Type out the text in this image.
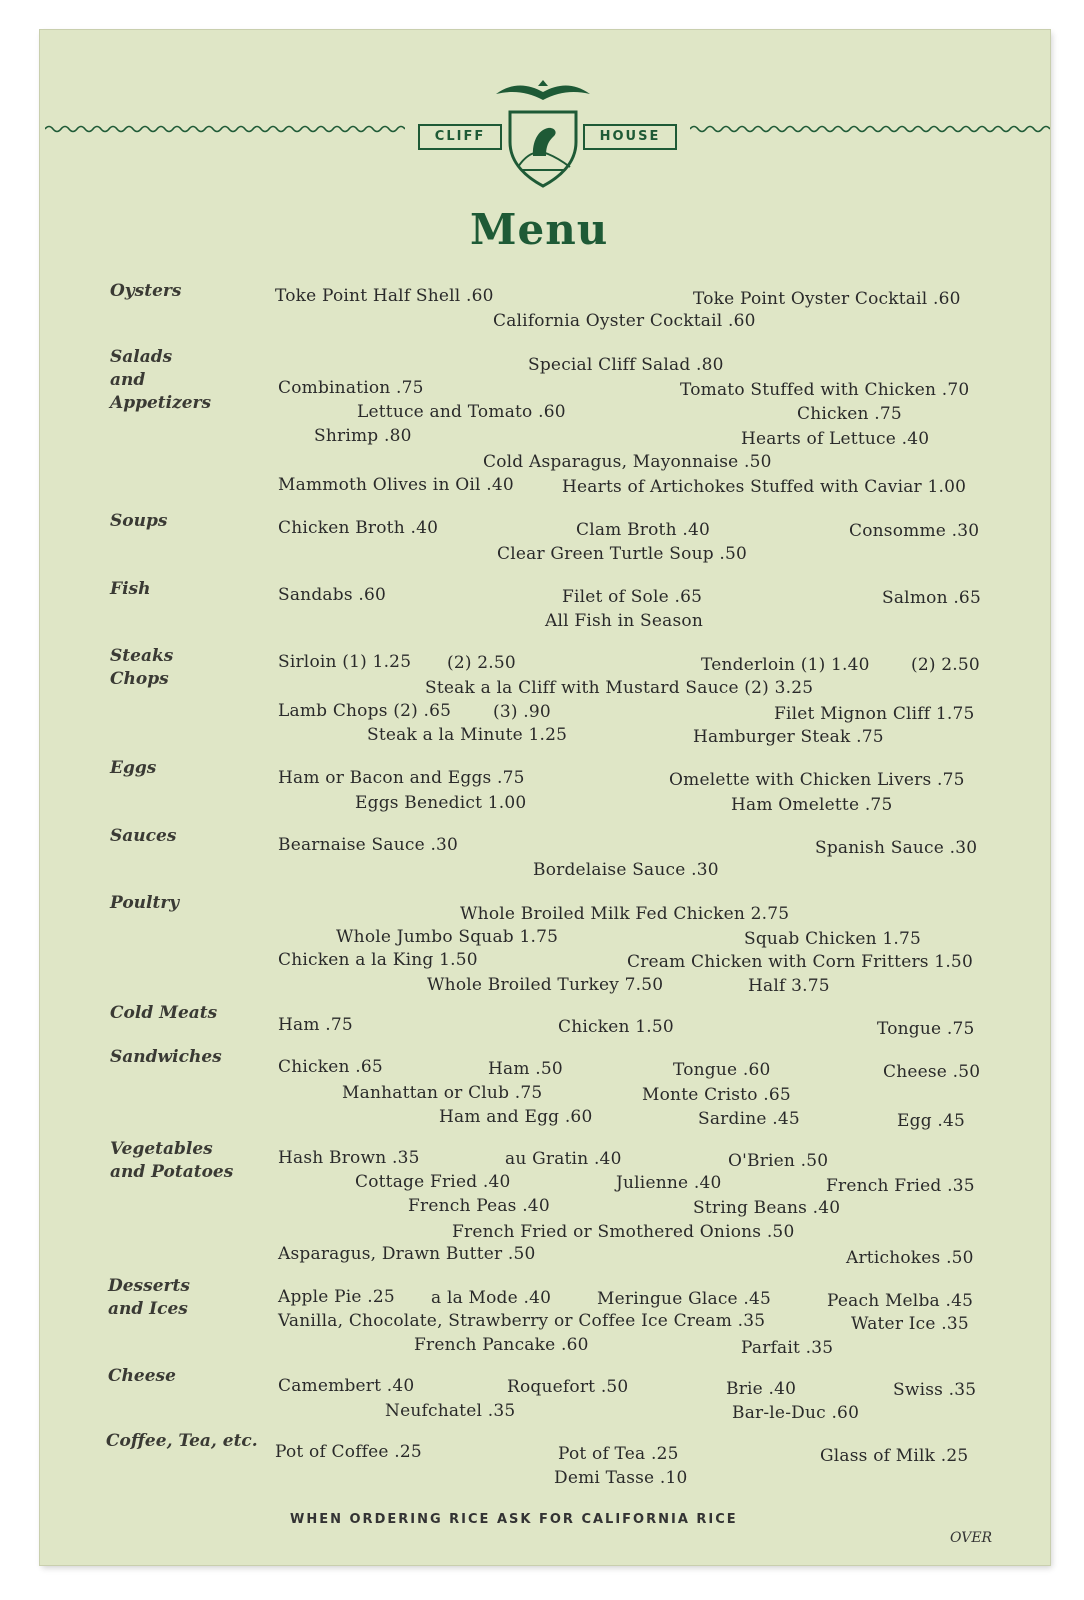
CLIFF	HOUSE
Menu
Oysters
Salads
and
Appetizers
Soups
Fish
Steaks
Chops
Eggs
Sauces
Poultry
Cold Meats
Sandwiches
Vegetables
and Potatoes
Desserts
and Ices
Cheese
Coffee, Tea, etc.
Toke Point Half Shell .60	Toke Point Oyster Cocktail .60
California Oyster Cocktail .60
Special Cliff Salad .80
Combination .75	Tomato Stuffed with Chicken .70
Lettuce and Tomato .60	Chicken .75
Shrimp .80	Hearts of Lettuce .40
Cold Asparagus, Mayonnaise .50
Mammoth Olives in Oil .40	Hearts of Artichokes Stuffed with Caviar 1.00
Chicken Broth .40	Clam Broth .40	Consomme .30
Clear Green Turtle Soup .50
Sandabs .60	Filet of Sole .65	Salmon .65
All Fish in Season
Sirloin (1) 1.25 (2) 2.50	Tenderloin (1) 1.40 (2) 2.50
Steak a la Cliff with Mustard Sauce (2) 3.25
Lamb Chops (2) .65 (3) .90	Filet Mignon Cliff 1.75
Steak a la Minute 1.25	Hamburger Steak .75
Ham or Bacon and Eggs .75	Omelette with Chicken Livers .75
Eggs Benedict 1.00	Ham Omelette .75
Bearnaise Sauce .30	Spanish Sauce .30
Bordelaise Sauce .30
Whole Broiled Milk Fed Chicken 2.75
Whole Jumbo Squab 1.75	Squab Chicken 1.75
Chicken a la King 1.50	Cream Chicken with Corn Fritters 1.50
Whole Broiled Turkey 7.50	Half 3.75
Ham .75	Chicken 1.50	Tongue .75
Chicken .65	Ham .50	Tongue .60	Cheese .50
Manhattan or Club .75	Monte Cristo .65
Ham and Egg .60	Sardine .45	Egg .45
Hash Brown .35	au Gratin .40	O'Brien .50
Cottage Fried .40	Julienne .40	French Fried .35
French Peas .40	String Beans .40
French Fried or Smothered Onions .50
Asparagus, Drawn Butter .50	Artichokes .50
Apple Pie .25 a la Mode .40	Meringue Glace .45	Peach Melba .45
Vanilla, Chocolate, Strawberry or Coffee Ice Cream .35	Water Ice .35
French Pancake .60	Parfait .35
Camembert .40	Roquefort .50	Brie .40	Swiss .35
Neufchatel .35	Bar-le-Duc .60
Pot of Coffee .25	Pot of Tea .25	Glass of Milk .25
Demi Tasse .10
WHEN ORDERING RICE ASK FOR CALIFORNIA RICE
OVER
